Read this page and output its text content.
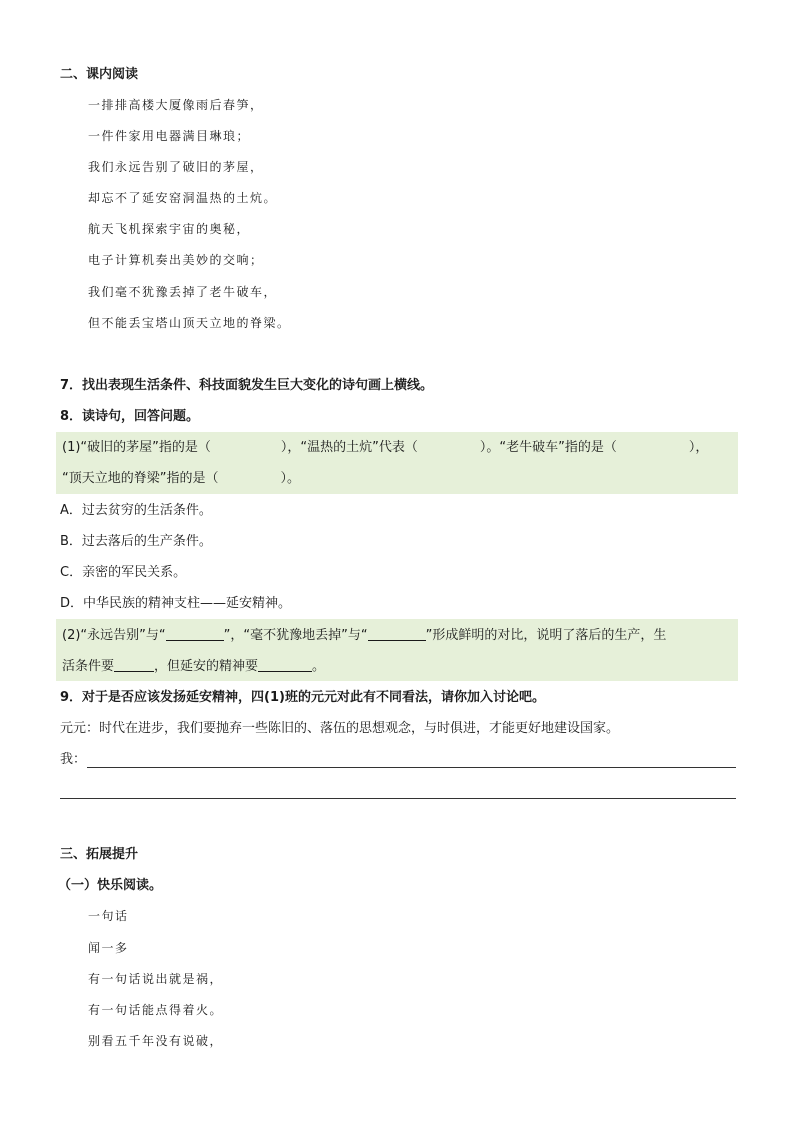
二、课内阅读
一排排高楼大厦像雨后春笋，
一件件家用电器满目琳琅；
我们永远告别了破旧的茅屋，
却忘不了延安窑洞温热的土炕。
航天飞机探索宇宙的奥秘，
电子计算机奏出美妙的交响；
我们毫不犹豫丢掉了老牛破车，
但不能丢宝塔山顶天立地的脊梁。
7．找出表现生活条件、科技面貌发生巨大变化的诗句画上横线。
8．读诗句，回答问题。
(1)“破旧的茅屋”指的是（	），“温热的土炕”代表（	）。“老牛破车”指的是（	），
“顶天立地的脊梁”指的是（	）。
A．过去贫穷的生活条件。
B．过去落后的生产条件。
C．亲密的军民关系。
D．中华民族的精神支柱——延安精神。
(2)“永远告别”与“	”，“毫不犹豫地丢掉”与“	”形成鲜明的对比，说明了落后的生产，生
活条件要	，但延安的精神要	。
9．对于是否应该发扬延安精神，四(1)班的元元对此有不同看法，请你加入讨论吧。
元元：时代在进步，我们要抛弃一些陈旧的、落伍的思想观念，与时俱进，才能更好地建设国家。
我：
三、拓展提升
（一）快乐阅读。
一句话
闻一多
有一句话说出就是祸，
有一句话能点得着火。
别看五千年没有说破，
